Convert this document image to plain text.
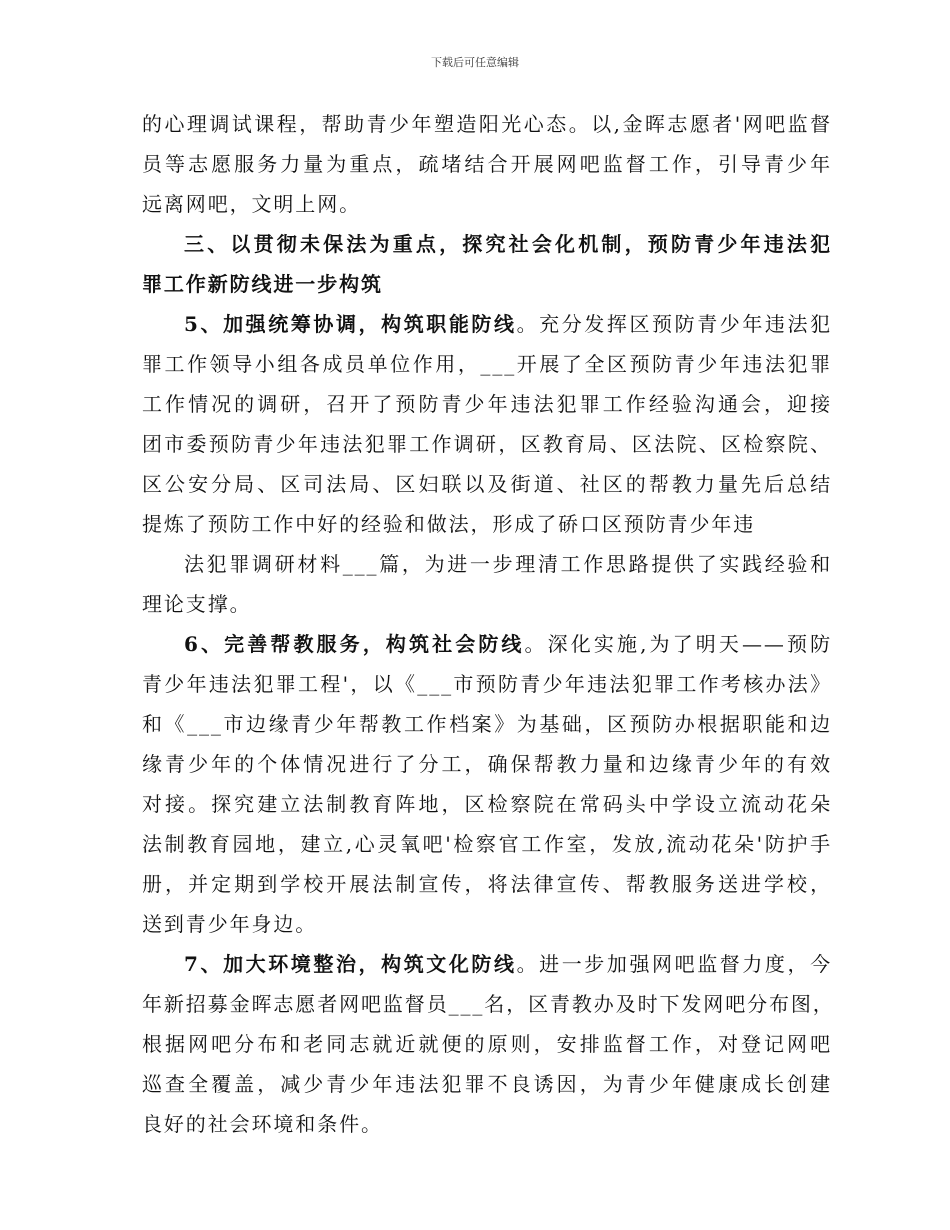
下载后可任意编辑
的心理调试课程，帮助青少年塑造阳光心态。以,金晖志愿者'网吧监督
员等志愿服务力量为重点，疏堵结合开展网吧监督工作，引导青少年
远离网吧，文明上网。
三、以贯彻未保法为重点，探究社会化机制，预防青少年违法犯
罪工作新防线进一步构筑
5、加强统筹协调，构筑职能防线。充分发挥区预防青少年违法犯
罪工作领导小组各成员单位作用，___开展了全区预防青少年违法犯罪
工作情况的调研，召开了预防青少年违法犯罪工作经验沟通会，迎接
团市委预防青少年违法犯罪工作调研，区教育局、区法院、区检察院、
区公安分局、区司法局、区妇联以及街道、社区的帮教力量先后总结
提炼了预防工作中好的经验和做法，形成了硚口区预防青少年违
法犯罪调研材料___篇，为进一步理清工作思路提供了实践经验和
理论支撑。
6、完善帮教服务，构筑社会防线。深化实施,为了明天——预防
青少年违法犯罪工程'，以《___市预防青少年违法犯罪工作考核办法》
和《___市边缘青少年帮教工作档案》为基础，区预防办根据职能和边
缘青少年的个体情况进行了分工，确保帮教力量和边缘青少年的有效
对接。探究建立法制教育阵地，区检察院在常码头中学设立流动花朵
法制教育园地，建立,心灵氧吧'检察官工作室，发放,流动花朵'防护手
册，并定期到学校开展法制宣传，将法律宣传、帮教服务送进学校，
送到青少年身边。
7、加大环境整治，构筑文化防线。进一步加强网吧监督力度，今
年新招募金晖志愿者网吧监督员___名，区青教办及时下发网吧分布图，
根据网吧分布和老同志就近就便的原则，安排监督工作，对登记网吧
巡查全覆盖，减少青少年违法犯罪不良诱因，为青少年健康成长创建
良好的社会环境和条件。
